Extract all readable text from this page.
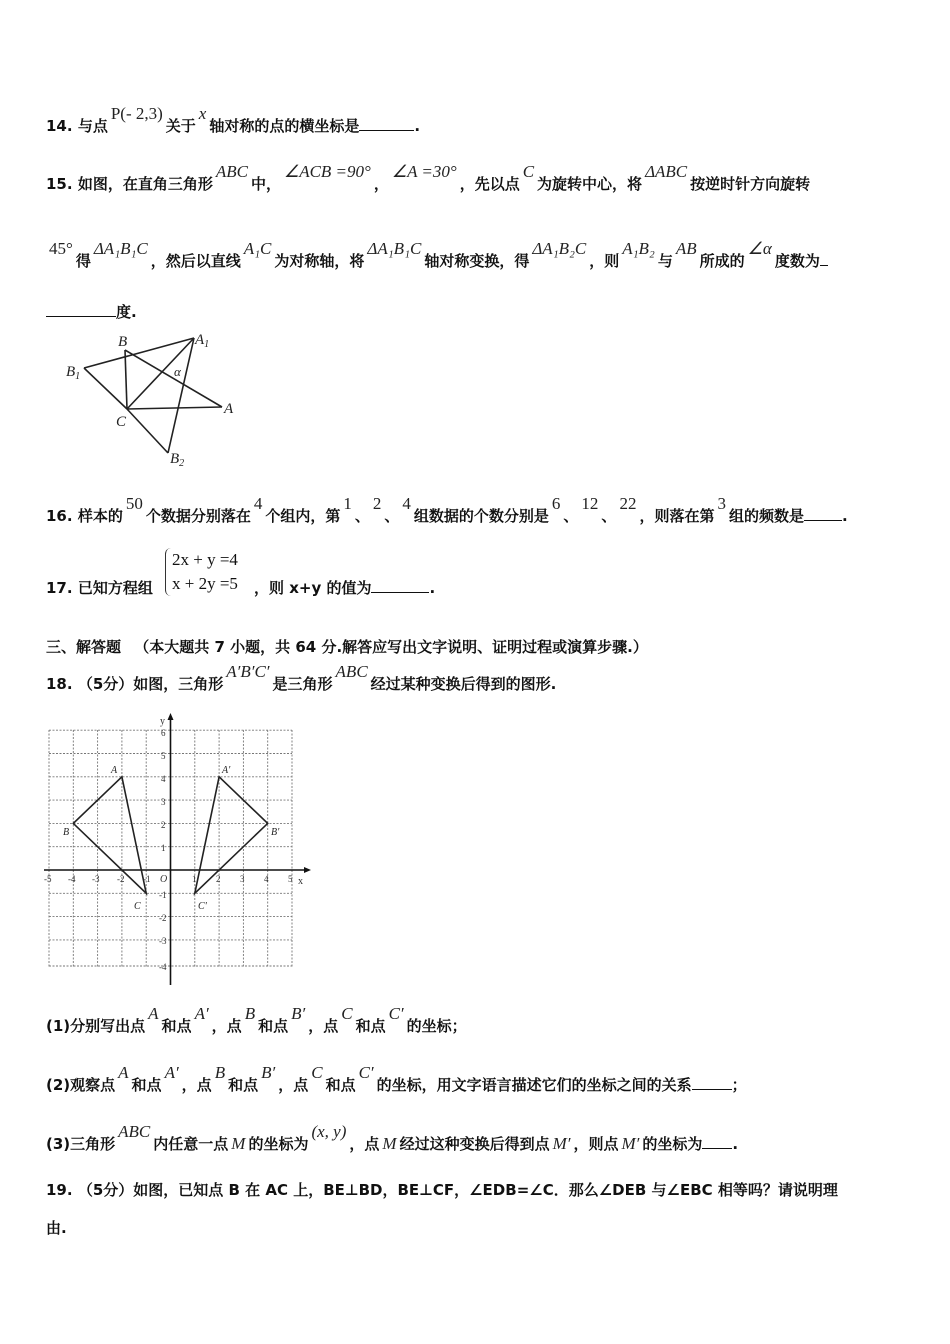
14. 与点P(- 2,3)关于x轴对称的点的横坐标是	.
15. 如图，在直角三角形ABC中，∠ACB =90°，∠A =30°，先以点C为旋转中心，将ΔABC按逆时针方向旋转
45°得ΔA₁B₁C，然后以直线A₁C为对称轴，将ΔA₁B₁C轴对称变换，得ΔA₁B₂C，则A₁B₂与AB所成的∠α度数为
度.
B	$A_1$
$B_1$	α
C
A
$B_2$
16. 样本的50个数据分别落在4个组内，第1、2、4组数据的个数分别是6、12、22，则落在第3组的频数是	.
17. 已知方程组
2x + y =4
x + 2y =5 ，则 x+y 的值为	.
三、解答题 （本大题共 7 小题，共 64 分.解答应写出文字说明、证明过程或演算步骤.）
18. （5分）如图，三角形A′B′C′是三角形ABC经过某种变换后得到的图形.
-5 -4 -3 -2 -1 O	1 2 3 4 5 x
y
6
5
4
3
2
1
-1
-2
-3
-4
A
B
C
A'
B'
C'
(1)分别写出点A和点A′，点B和点B′，点C和点C′的坐标；
(2)观察点A和点A′，点B和点B′，点C和点C′的坐标，用文字语言描述它们的坐标之间的关系	；
(3)三角形ABC内任意一点 M 的坐标为(x, y)，点 M 经过这种变换后得到点 M′ ，则点 M′ 的坐标为 .
19. （5分）如图，已知点 B 在 AC 上，BE⊥BD，BE⊥CF，∠EDB=∠C．那么∠DEB 与∠EBC 相等吗？请说明理
由.
